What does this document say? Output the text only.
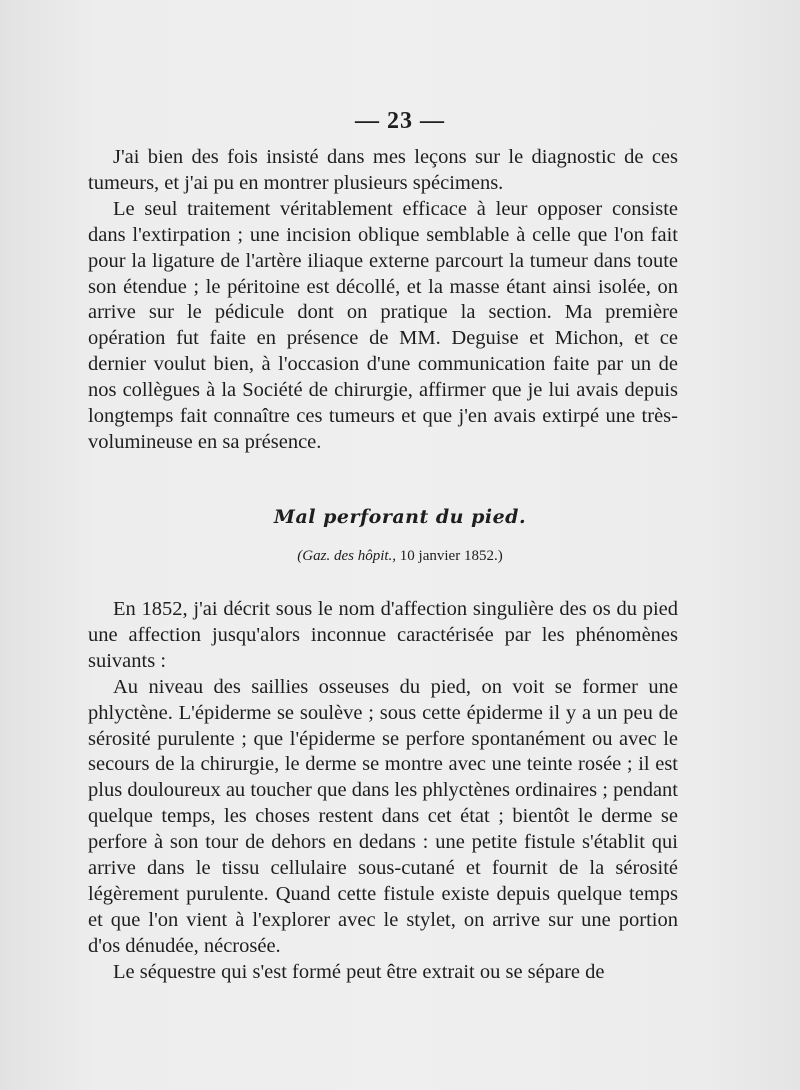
— 23 —

J'ai bien des fois insisté dans mes leçons sur le diagnostic de ces tumeurs, et j'ai pu en montrer plusieurs spécimens.

Le seul traitement véritablement efficace à leur opposer consiste dans l'extirpation ; une incision oblique semblable à celle que l'on fait pour la ligature de l'artère iliaque externe parcourt la tumeur dans toute son étendue ; le péritoine est décollé, et la masse étant ainsi isolée, on arrive sur le pédicule dont on pratique la section. Ma première opération fut faite en présence de MM. Deguise et Michon, et ce dernier voulut bien, à l'occasion d'une communication faite par un de nos collègues à la Société de chirurgie, affirmer que je lui avais depuis longtemps fait connaître ces tumeurs et que j'en avais extirpé une très-volumineuse en sa présence.

Mal perforant du pied.
(Gaz. des hôpit., 10 janvier 1852.)

En 1852, j'ai décrit sous le nom d'affection singulière des os du pied une affection jusqu'alors inconnue caractérisée par les phénomènes suivants :

Au niveau des saillies osseuses du pied, on voit se former une phlyctène. L'épiderme se soulève ; sous cette épiderme il y a un peu de sérosité purulente ; que l'épiderme se perfore spontanément ou avec le secours de la chirurgie, le derme se montre avec une teinte rosée ; il est plus douloureux au toucher que dans les phlyctènes ordinaires ; pendant quelque temps, les choses restent dans cet état ; bientôt le derme se perfore à son tour de dehors en dedans : une petite fistule s'établit qui arrive dans le tissu cellulaire sous-cutané et fournit de la sérosité légèrement purulente. Quand cette fistule existe depuis quelque temps et que l'on vient à l'explorer avec le stylet, on arrive sur une portion d'os dénudée, nécrosée.

Le séquestre qui s'est formé peut être extrait ou se sépare de
